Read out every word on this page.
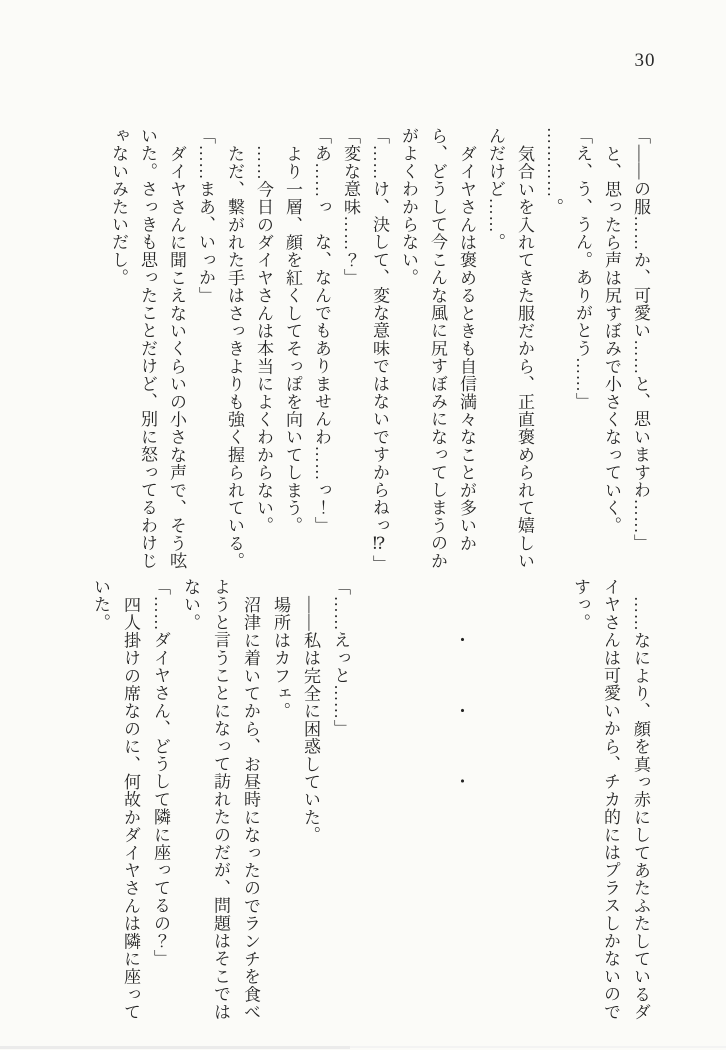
30
「――の服……か、可愛い……と、思いますわ……」
と、思ったら声は尻すぼみで小さくなっていく。
「え、う、うん。ありがとう……」
…………。
気合いを入れてきた服だから、正直褒められて嬉しい
んだけど……。
ダイヤさんは褒めるときも自信満々なことが多いか
ら、どうして今こんな風に尻すぼみになってしまうのか
がよくわからない。
「……け、決して、変な意味ではないですからねっ⁉」
「変な意味……？」
「あ……っ　な、なんでもありませんわ……っ！」
より一層、顔を紅くしてそっぽを向いてしまう。
……今日のダイヤさんは本当によくわからない。
ただ、繋がれた手はさっきよりも強く握られている。
「……まあ、いっか」
ダイヤさんに聞こえないくらいの小さな声で、そう呟
いた。さっきも思ったことだけど、別に怒ってるわけじ
ゃないみたいだし。
……なにより、顔を真っ赤にしてあたふたしているダ
イヤさんは可愛いから、チカ的にはプラスしかないので
すっ。
　　　・　　　・　　　・
「……えっと……」
――私は完全に困惑していた。
場所はカフェ。
沼津に着いてから、お昼時になったのでランチを食べ
ようと言うことになって訪れたのだが、問題はそこでは
ない。
「……ダイヤさん、どうして隣に座ってるの？」
四人掛けの席なのに、何故かダイヤさんは隣に座って
いた。
